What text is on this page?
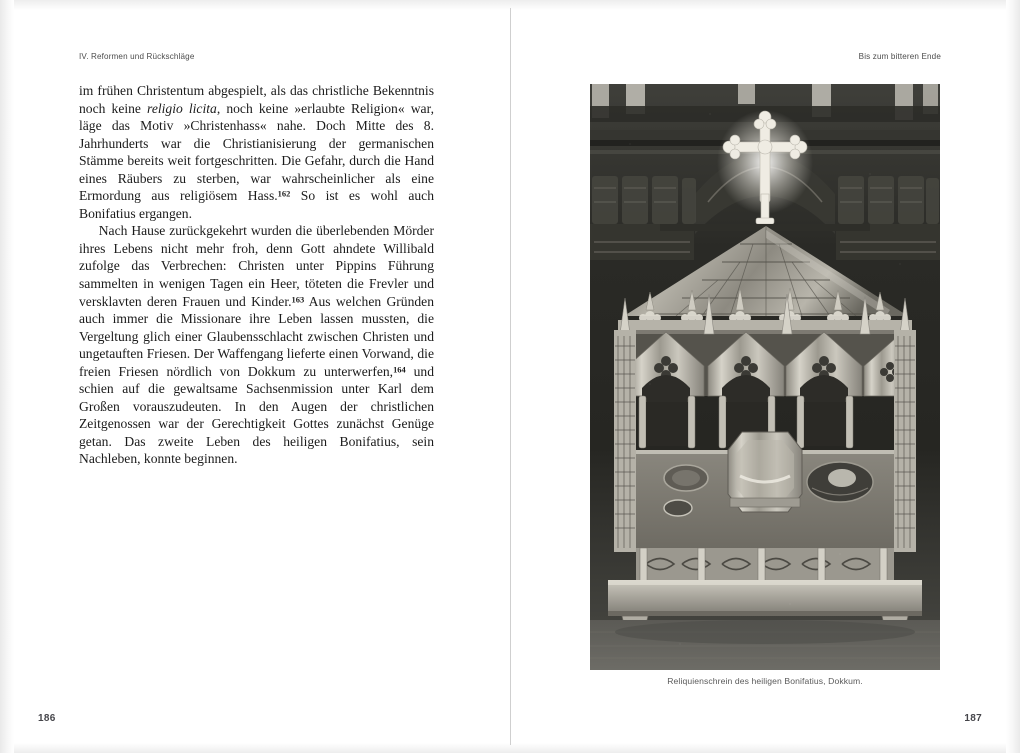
IV. Reformen und Rückschläge

im frühen Christentum abgespielt, als das christliche Bekenntnis noch keine religio licita, noch keine »erlaubte Religion« war, läge das Motiv »Christenhass« nahe. Doch Mitte des 8. Jahrhunderts war die Christianisierung der germanischen Stämme bereits weit fortgeschritten. Die Gefahr, durch die Hand eines Räubers zu sterben, war wahrscheinlicher als eine Ermordung aus religiösem Hass.$^{162}$ So ist es wohl auch Bonifatius ergangen.

Nach Hause zurückgekehrt wurden die überlebenden Mörder ihres Lebens nicht mehr froh, denn Gott ahndete Willibald zufolge das Verbrechen: Christen unter Pippins Führung sammelten in wenigen Tagen ein Heer, töteten die Frevler und versklavten deren Frauen und Kinder.$^{163}$ Aus welchen Gründen auch immer die Missionare ihre Leben lassen mussten, die Vergeltung glich einer Glaubensschlacht zwischen Christen und ungetauften Friesen. Der Waffengang lieferte einen Vorwand, die freien Friesen nördlich von Dokkum zu unterwerfen,$^{164}$ und schien auf die gewaltsame Sachsenmission unter Karl dem Großen vorauszudeuten. In den Augen der christlichen Zeitgenossen war der Gerechtigkeit Gottes zunächst Genüge getan. Das zweite Leben des heiligen Bonifatius, sein Nachleben, konnte beginnen.

186
Bis zum bitteren Ende
Reliquienschrein des heiligen Bonifatius, Dokkum.
187
